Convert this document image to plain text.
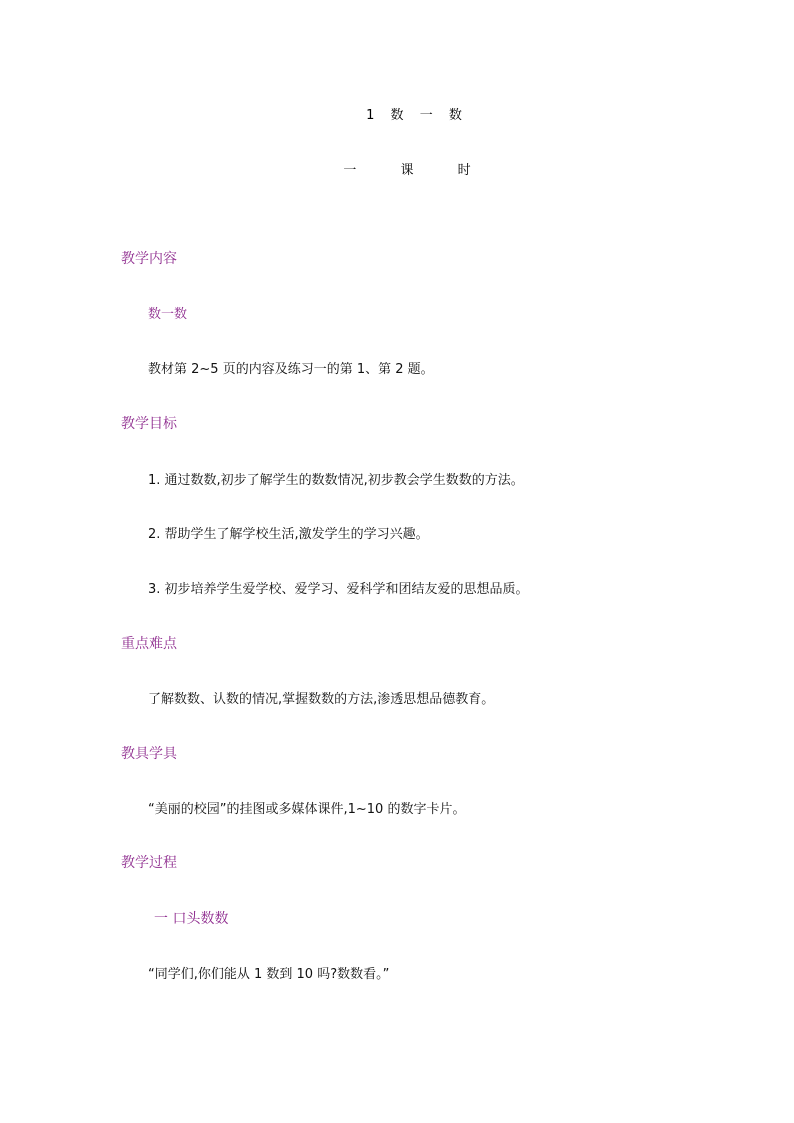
1 数 一 数
一 课 时
教学内容
数一数
教材第 2~5 页的内容及练习一的第 1、第 2 题。
教学目标
1. 通过数数,初步了解学生的数数情况,初步教会学生数数的方法。
2. 帮助学生了解学校生活,激发学生的学习兴趣。
3. 初步培养学生爱学校、爱学习、爱科学和团结友爱的思想品质。
重点难点
了解数数、认数的情况,掌握数数的方法,渗透思想品德教育。
教具学具
“美丽的校园”的挂图或多媒体课件,1~10 的数字卡片。
教学过程
一 口头数数
“同学们,你们能从 1 数到 10 吗?数数看。”
